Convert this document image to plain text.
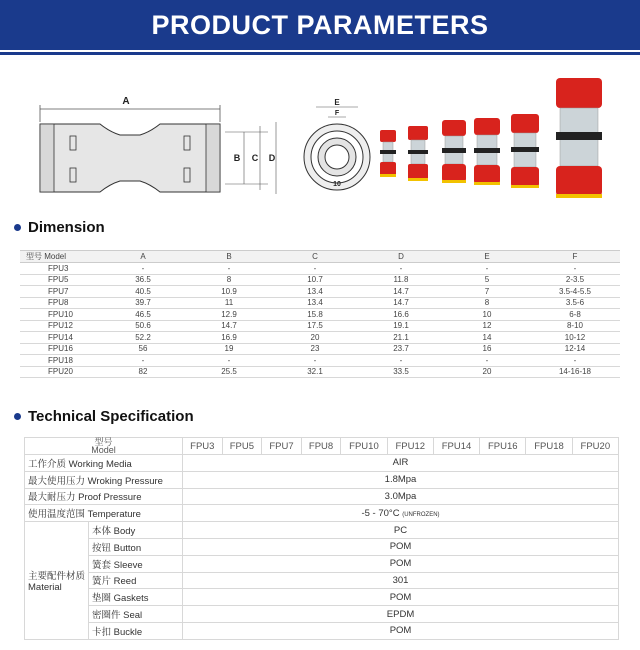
PRODUCT PARAMETERS
A
B C D
E
F
10
Dimension
型号 Model	A	B	C	D	E	F
FPU3	-	-	-	-	-	-
FPU5	36.5	8	10.7	11.8	5	2-3.5
FPU7	40.5	10.9	13.4	14.7	7	3.5-4-5.5
FPU8	39.7	11	13.4	14.7	8	3.5-6
FPU10	46.5	12.9	15.8	16.6	10	6-8
FPU12	50.6	14.7	17.5	19.1	12	8-10
FPU14	52.2	16.9	20	21.1	14	10-12
FPU16	56	19	23	23.7	16	12-14
FPU18	-	-	-	-	-	-
FPU20	82	25.5	32.1	33.5	20	14-16-18
Technical Specification
型号
Model		FPU3	FPU5	FPU7	FPU8	FPU10	FPU12	FPU14	FPU16	FPU18	FPU20
工作介质 Working Media		AIR									
最大使用压力 Wroking Pressure		1.8Mpa									
最大耐压力 Proof Pressure		3.0Mpa									
使用温度范围 Temperature		-5 - 70°C (UNFROZEN)									

主要配件材质
Material	本体 Body	PC									
	按钮 Button	POM									
	簧套 Sleeve	POM									
	簧片 Reed	301									
	垫圈 Gaskets	POM									
	密圈件 Seal	EPDM									
	卡扣 Buckle	POM									
